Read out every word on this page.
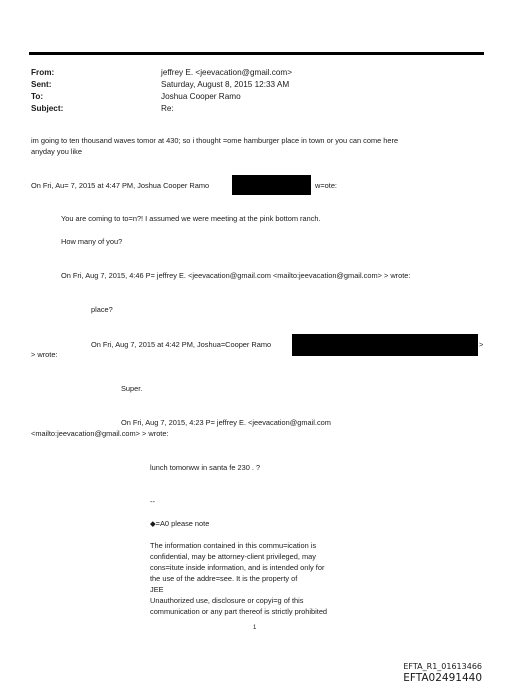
From:	jeffrey E. <jeevacation@gmail.com>
Sent:	Saturday, August 8, 2015 12:33 AM
To:	Joshua Cooper Ramo
Subject:	Re:
im going to ten thousand waves tomor at 430; so i thought =ome hamburger place in town or you can come here
anyday you like
On Fri, Au= 7, 2015 at 4:47 PM, Joshua Cooper Ramo	w=ote:
You are coming to to=n?! I assumed we were meeting at the pink bottom ranch.
How many of you?
On Fri, Aug 7, 2015, 4:46 P= jeffrey E. <jeevacation@gmail.com <mailto:jeevacation@gmail.com> > wrote:
place?
On Fri, Aug 7, 2015 at 4:42 PM, Joshua=Cooper Ramo	>
> wrote:
Super.
On Fri, Aug 7, 2015, 4:23 P= jeffrey E. <jeevacation@gmail.com
<mailto:jeevacation@gmail.com> > wrote:
lunch tomorww in santa fe 230 . ?
--
◆=A0 please note
The information contained in this commu=ication is
confidential, may be attorney-client privileged, may
cons=itute inside information, and is intended only for
the use of the addre=see. It is the property of
JEE
Unauthorized use, disclosure or copyi=g of this
communication or any part thereof is strictly prohibited
1
EFTA_R1_01613466
EFTA02491440
